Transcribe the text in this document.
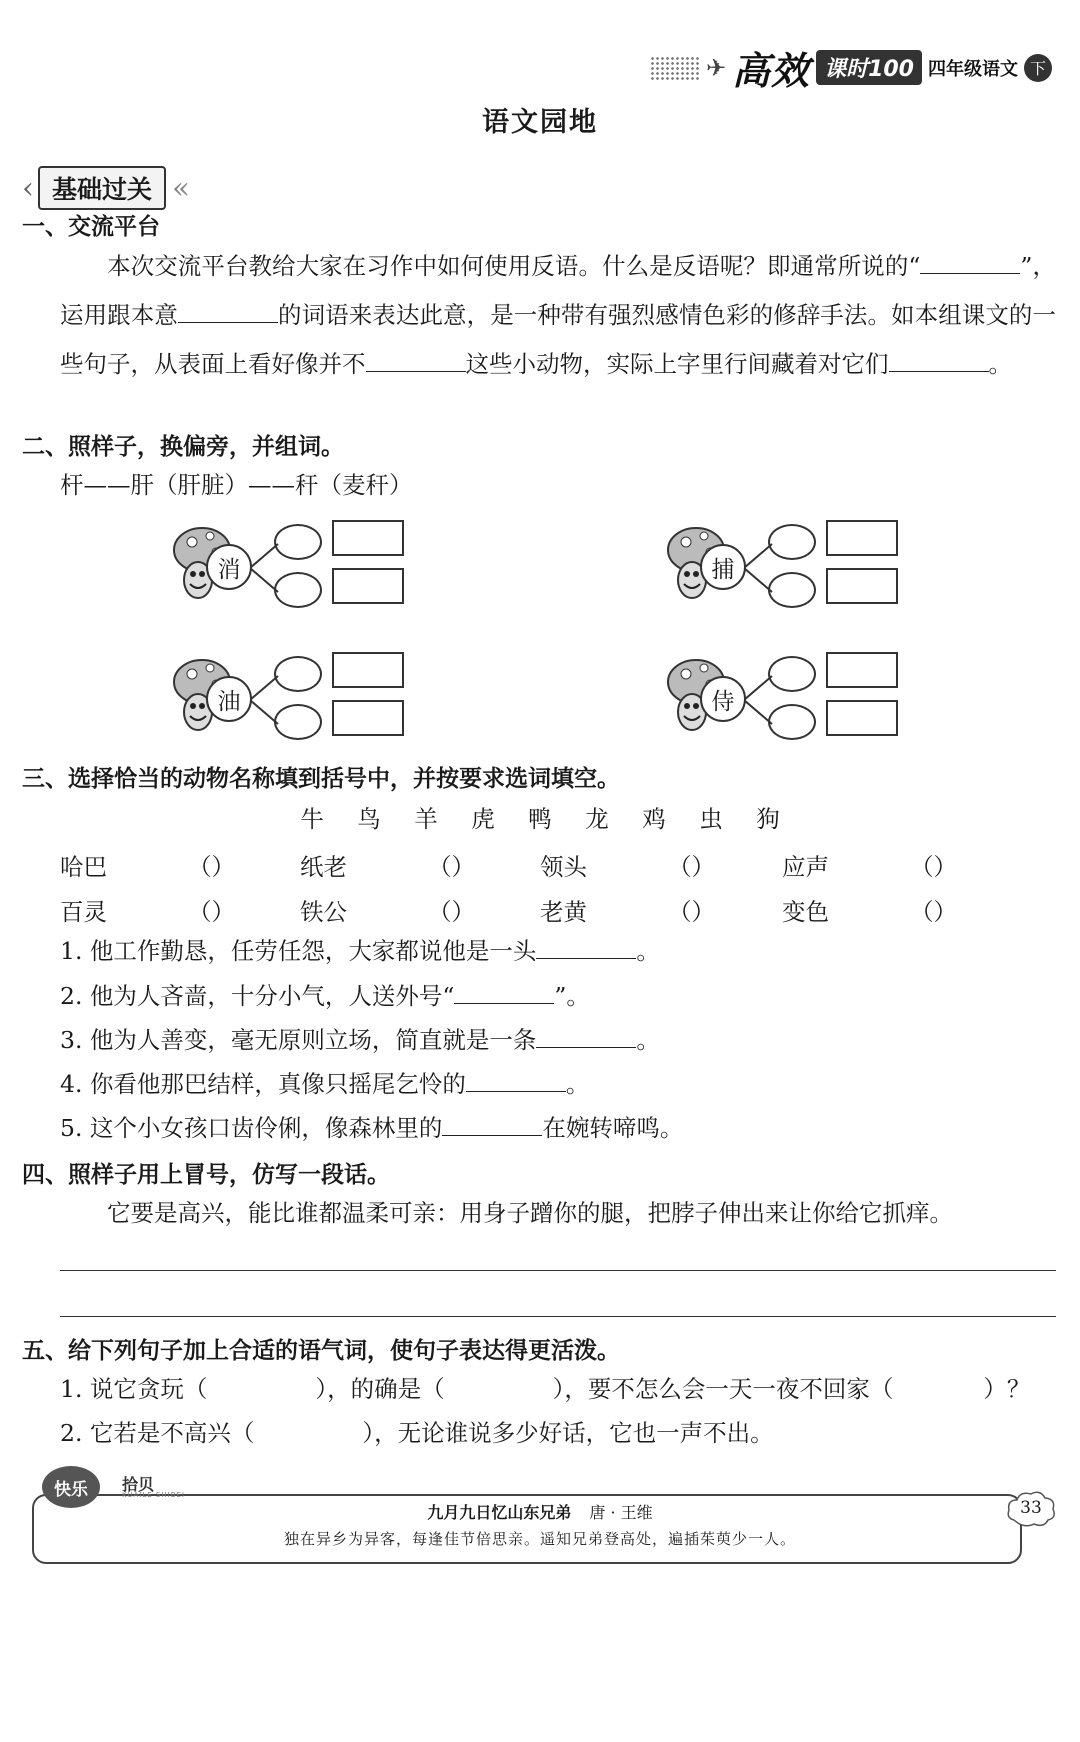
✈ 高效 课时100 四年级语文 下
语文园地
‹ 基础过关 ‹‹
一、交流平台
本次交流平台教给大家在习作中如何使用反语。什么是反语呢？即通常所说的“	”，运用跟本意	的词语来表达此意，是一种带有强烈感情色彩的修辞手法。如本组课文的一些句子，从表面上看好像并不	这些小动物，实际上字里行间藏着对它们	。
二、照样子，换偏旁，并组词。
杆——肝（肝脏）——秆（麦秆）
消	捕
油	侍
三、选择恰当的动物名称填到括号中，并按要求选词填空。
牛 鸟 羊 虎 鸭 龙 鸡 虫 狗
哈巴	（）	纸老	（）	领头	（）	应声	（）
百灵	（）	铁公	（）	老黄	（）	变色	（）
1. 他工作勤恳，任劳任怨，大家都说他是一头	。
2. 他为人吝啬，十分小气，人送外号“	”。
3. 他为人善变，毫无原则立场，简直就是一条	。
4. 你看他那巴结样，真像只摇尾乞怜的	。
5. 这个小女孩口齿伶俐，像森林里的	在婉转啼鸣。
四、照样子用上冒号，仿写一段话。
它要是高兴，能比谁都温柔可亲：用身子蹭你的腿，把脖子伸出来让你给它抓痒。
五、给下列句子加上合适的语气词，使句子表达得更活泼。
1. 说它贪玩（	），的确是（	），要不怎么会一天一夜不回家（	）？
2. 它若是不高兴（	），无论谁说多少好话，它也一声不出。
快乐	拾贝
KUAILE SHIBEI
九月九日忆山东兄弟 唐 · 王维
独在异乡为异客，每逢佳节倍思亲。遥知兄弟登高处，遍插茱萸少一人。
33
